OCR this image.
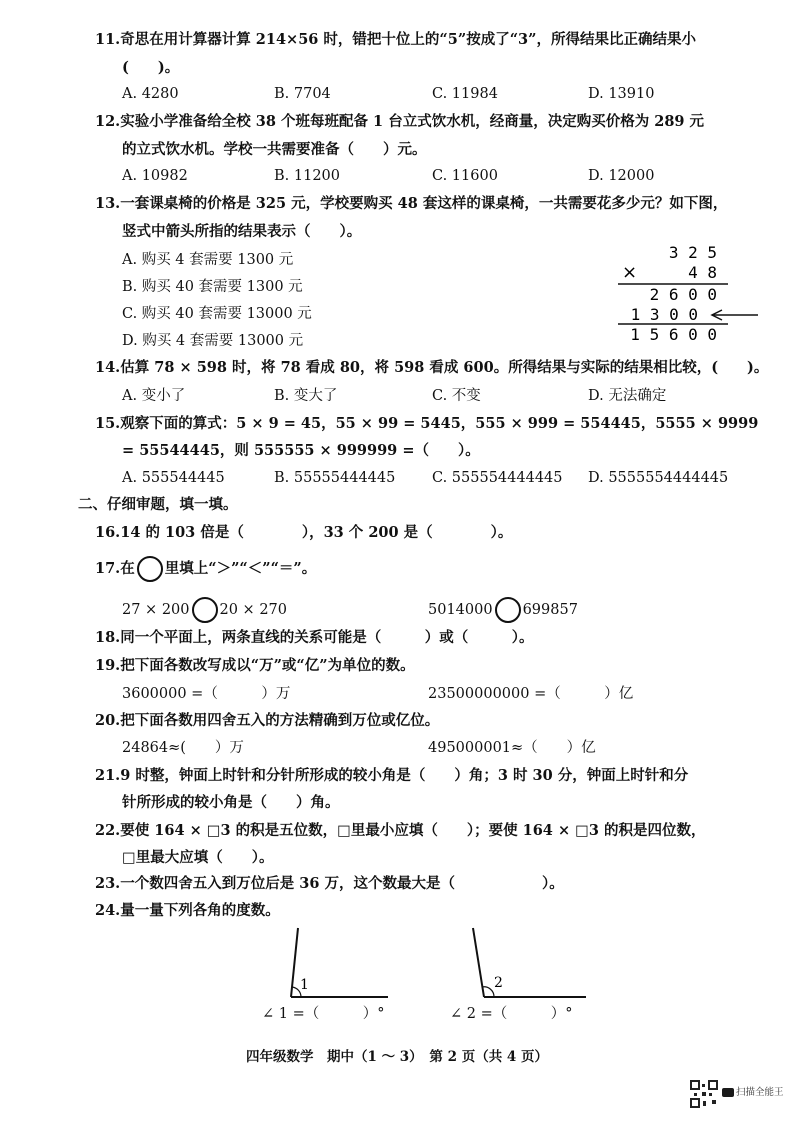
11.奇思在用计算器计算 214×56 时，错把十位上的“5”按成了“3”，所得结果比正确结果小
(　　)。
A. 4280	B. 7704	C. 11984	D. 13910
12.实验小学准备给全校 38 个班每班配备 1 台立式饮水机，经商量，决定购买价格为 289 元
的立式饮水机。学校一共需要准备（　　）元。
A. 10982	B. 11200	C. 11600	D. 12000
13.一套课桌椅的价格是 325 元，学校要购买 48 套这样的课桌椅，一共需要花多少元？如下图，
竖式中箭头所指的结果表示（　　）。
A. 购买 4 套需要 1300 元
B. 购买 40 套需要 1300 元
C. 购买 40 套需要 13000 元
D. 购买 4 套需要 13000 元
3 2 5
×	4 8
2 6 0 0
1 3 0 0
1 5 6 0 0
14.估算 78 × 598 时，将 78 看成 80，将 598 看成 600。所得结果与实际的结果相比较，(　　)。
A. 变小了	B. 变大了	C. 不变	D. 无法确定
15.观察下面的算式：5 × 9 = 45，55 × 99 = 5445，555 × 999 = 554445，5555 × 9999
= 55544445，则 555555 × 999999 =（　　）。
A. 555544445	B. 55555444445	C. 555554444445 D. 5555554444445
二、仔细审题，填一填。
16.14 的 103 倍是（　　　　），33 个 200 是（　　　　）。
17.在 里填上“＞”“＜”“＝”。
27 × 200 20 × 270	5014000 699857
18.同一个平面上，两条直线的关系可能是（　　　）或（　　　）。
19.把下面各数改写成以“万”或“亿”为单位的数。
3600000 =（　　　）万	23500000000 =（　　　）亿
20.把下面各数用四舍五入的方法精确到万位或亿位。
24864≈(　　）万	495000001≈（　　）亿
21.9 时整，钟面上时针和分针所形成的较小角是（　　）角；3 时 30 分，钟面上时针和分
针所形成的较小角是（　　）角。
22.要使 164 × □3 的积是五位数，□里最小应填（　　）；要使 164 × □3 的积是四位数，
□里最大应填（　　）。
23.一个数四舍五入到万位后是 36 万，这个数最大是（　　　　　　）。
24.量一量下列各角的度数。
1
∠ 1 =（　　　）°
2
∠ 2 =（　　　）°
四年级数学　期中（1 ～ 3）　第 2 页（共 4 页）
扫描全能王
